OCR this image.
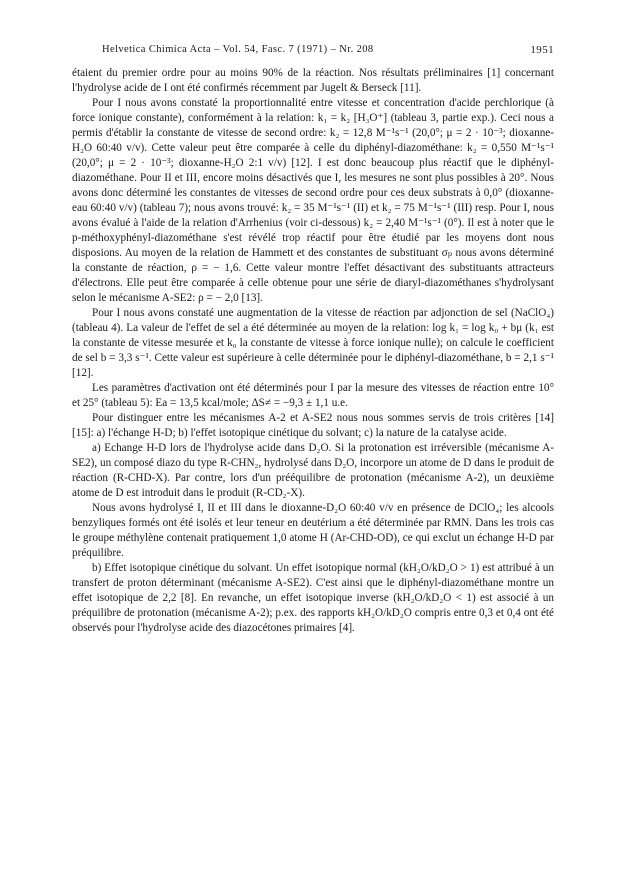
Helvetica Chimica Acta – Vol. 54, Fasc. 7 (1971) – Nr. 208	1951

étaient du premier ordre pour au moins 90% de la réaction. Nos résultats préliminaires [1] concernant l'hydrolyse acide de I ont été confirmés récemment par Jugelt & Berseck [11].

Pour I nous avons constaté la proportionnalité entre vitesse et concentration d'acide perchlorique (à force ionique constante), conformément à la relation: k₁ = k₂ [H₃O⁺] (tableau 3, partie exp.). Ceci nous a permis d'établir la constante de vitesse de second ordre: k₂ = 12,8 M⁻¹s⁻¹ (20,0°; μ = 2 · 10⁻³; dioxanne-H₂O 60:40 v/v). Cette valeur peut être comparée à celle du diphényl-diazométhane: k₂ = 0,550 M⁻¹s⁻¹ (20,0°; μ = 2 · 10⁻³; dioxanne-H₂O 2:1 v/v) [12]. I est donc beaucoup plus réactif que le diphényl-diazométhane. Pour II et III, encore moins désactivés que I, les mesures ne sont plus possibles à 20°. Nous avons donc déterminé les constantes de vitesses de second ordre pour ces deux substrats à 0,0° (dioxanne-eau 60:40 v/v) (tableau 7); nous avons trouvé: k₂ = 35 M⁻¹s⁻¹ (II) et k₂ = 75 M⁻¹s⁻¹ (III) resp. Pour I, nous avons évalué à l'aide de la relation d'Arrhenius (voir ci-dessous) k₂ = 2,40 M⁻¹s⁻¹ (0°). Il est à noter que le p-méthoxyphényl-diazométhane s'est révélé trop réactif pour être étudié par les moyens dont nous disposions. Au moyen de la relation de Hammett et des constantes de substituant σₚ nous avons déterminé la constante de réaction, ρ = − 1,6. Cette valeur montre l'effet désactivant des substituants attracteurs d'électrons. Elle peut être comparée à celle obtenue pour une série de diaryl-diazométhanes s'hydrolysant selon le mécanisme A-SE2: ρ = − 2,0 [13].

Pour I nous avons constaté une augmentation de la vitesse de réaction par adjonction de sel (NaClO₄) (tableau 4). La valeur de l'effet de sel a été déterminée au moyen de la relation: log k₁ = log k₀ + bμ (k₁ est la constante de vitesse mesurée et k₀ la constante de vitesse à force ionique nulle); on calcule le coefficient de sel b = 3,3 s⁻¹. Cette valeur est supérieure à celle déterminée pour le diphényl-diazométhane, b = 2,1 s⁻¹ [12].

Les paramètres d'activation ont été déterminés pour I par la mesure des vitesses de réaction entre 10° et 25° (tableau 5): Ea = 13,5 kcal/mole; ΔS≠ = −9,3 ± 1,1 u.e.

Pour distinguer entre les mécanismes A-2 et A-SE2 nous nous sommes servis de trois critères [14] [15]: a) l'échange H-D; b) l'effet isotopique cinétique du solvant; c) la nature de la catalyse acide.

a) Echange H-D lors de l'hydrolyse acide dans D₂O. Si la protonation est irréversible (mécanisme A-SE2), un composé diazo du type R-CHN₂, hydrolysé dans D₂O, incorpore un atome de D dans le produit de réaction (R-CHD-X). Par contre, lors d'un prééquilibre de protonation (mécanisme A-2), un deuxième atome de D est introduit dans le produit (R-CD₂-X).

Nous avons hydrolysé I, II et III dans le dioxanne-D₂O 60:40 v/v en présence de DClO₄; les alcools benzyliques formés ont été isolés et leur teneur en deutérium a été déterminée par RMN. Dans les trois cas le groupe méthylène contenait pratiquement 1,0 atome H (Ar-CHD-OD), ce qui exclut un échange H-D par préquilibre.

b) Effet isotopique cinétique du solvant. Un effet isotopique normal (kH₂O/kD₂O > 1) est attribué à un transfert de proton déterminant (mécanisme A-SE2). C'est ainsi que le diphényl-diazométhane montre un effet isotopique de 2,2 [8]. En revanche, un effet isotopique inverse (kH₂O/kD₂O < 1) est associé à un préquilibre de protonation (mécanisme A-2); p.ex. des rapports kH₂O/kD₂O compris entre 0,3 et 0,4 ont été observés pour l'hydrolyse acide des diazocétones primaires [4].
